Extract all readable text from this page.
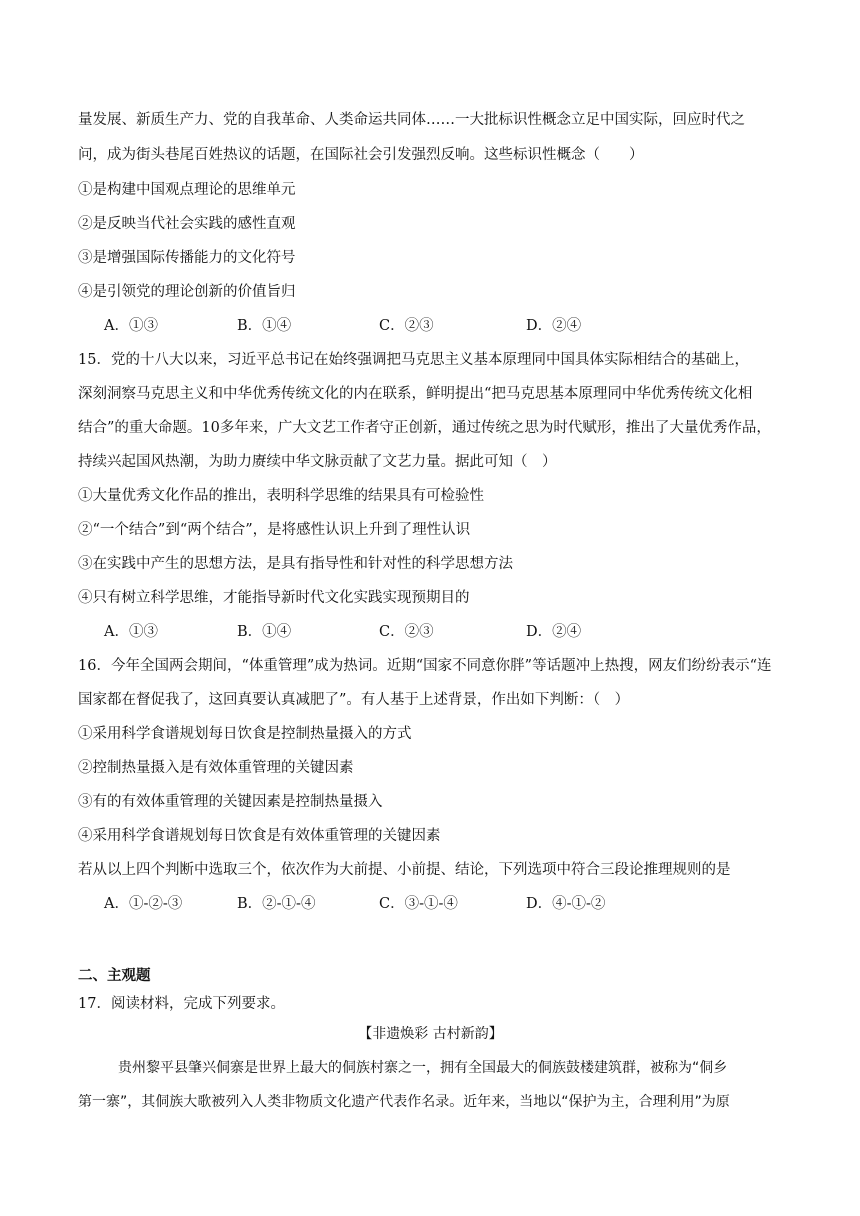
量发展、新质生产力、党的自我革命、人类命运共同体……一大批标识性概念立足中国实际，回应时代之
问，成为街头巷尾百姓热议的话题，在国际社会引发强烈反响。这些标识性概念（　　）
①是构建中国观点理论的思维单元
②是反映当代社会实践的感性直观
③是增强国际传播能力的文化符号
④是引领党的理论创新的价值旨归
A．①③	B．①④	C．②③	D．②④
15．党的十八大以来，习近平总书记在始终强调把马克思主义基本原理同中国具体实际相结合的基础上，
深刻洞察马克思主义和中华优秀传统文化的内在联系，鲜明提出“把马克思基本原理同中华优秀传统文化相
结合”的重大命题。10多年来，广大文艺工作者守正创新，通过传统之思为时代赋形，推出了大量优秀作品，
持续兴起国风热潮，为助力赓续中华文脉贡献了文艺力量。据此可知（　）
①大量优秀文化作品的推出，表明科学思维的结果具有可检验性
②“一个结合”到“两个结合”，是将感性认识上升到了理性认识
③在实践中产生的思想方法，是具有指导性和针对性的科学思想方法
④只有树立科学思维，才能指导新时代文化实践实现预期目的
A．①③	B．①④	C．②③	D．②④
16．今年全国两会期间，“体重管理”成为热词。近期“国家不同意你胖”等话题冲上热搜，网友们纷纷表示“连
国家都在督促我了，这回真要认真减肥了”。有人基于上述背景，作出如下判断：（　）
①采用科学食谱规划每日饮食是控制热量摄入的方式
②控制热量摄入是有效体重管理的关键因素
③有的有效体重管理的关键因素是控制热量摄入
④采用科学食谱规划每日饮食是有效体重管理的关键因素
若从以上四个判断中选取三个，依次作为大前提、小前提、结论，下列选项中符合三段论推理规则的是
A．①-②-③	B．②-①-④	C．③-①-④	D．④-①-②
二、主观题
17．阅读材料，完成下列要求。
【非遗焕彩 古村新韵】
贵州黎平县肇兴侗寨是世界上最大的侗族村寨之一，拥有全国最大的侗族鼓楼建筑群，被称为“侗乡
第一寨”，其侗族大歌被列入人类非物质文化遗产代表作名录。近年来，当地以“保护为主，合理利用”为原
